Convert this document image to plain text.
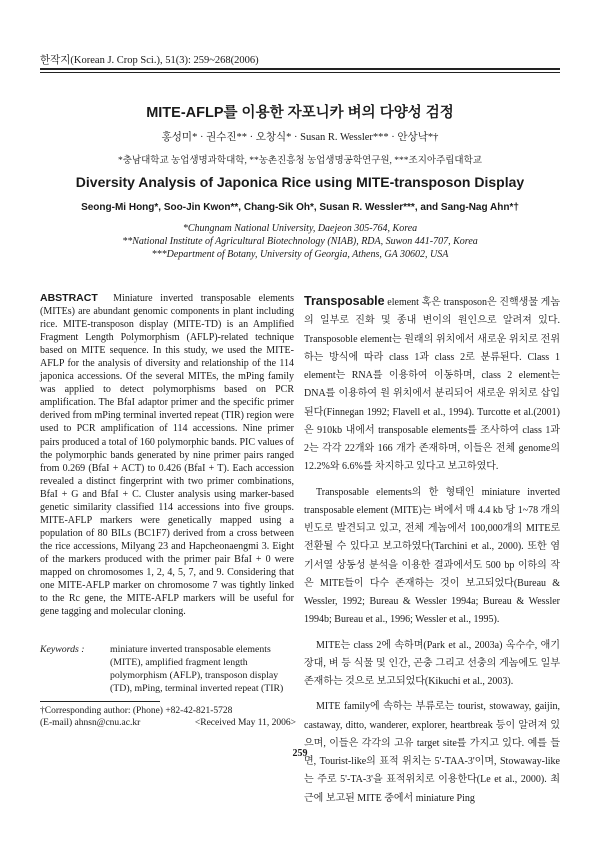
한작지(Korean J. Crop Sci.), 51(3): 259~268(2006)
MITE-AFLP를 이용한 자포니카 벼의 다양성 검정
홍성미* · 권수진** · 오창식* · Susan R. Wessler*** · 안상낙*†
*충남대학교 농업생명과학대학, **농촌진흥청 농업생명공학연구원, ***조지아주립대학교
Diversity Analysis of Japonica Rice using MITE-transposon Display
Seong-Mi Hong*, Soo-Jin Kwon**, Chang-Sik Oh*, Susan R. Wessler***, and Sang-Nag Ahn*†
*Chungnam National University, Daejeon 305-764, Korea
**National Institute of Agricultural Biotechnology (NIAB), RDA, Suwon 441-707, Korea
***Department of Botany, University of Georgia, Athens, GA 30602, USA
ABSTRACT Miniature inverted transposable elements (MITEs) are abundant genomic components in plant including rice. MITE-transposon display (MITE-TD) is an Amplified Fragment Length Polymorphism (AFLP)-related technique based on MITE sequence. In this study, we used the MITE-AFLP for the analysis of diversity and relationship of the 114 japonica accessions. Of the several MITEs, the mPing family was applied to detect polymorphisms based on PCR amplification. The BfaI adaptor primer and the specific primer derived from mPing terminal inverted repeat (TIR) region were used to PCR amplification of 114 accessions. Nine primer pairs produced a total of 160 polymorphic bands. PIC values of the polymorphic bands generated by nine primer pairs ranged from 0.269 (BfaI + ACT) to 0.426 (BfaI + T). Each accession revealed a distinct fingerprint with two primer combinations, BfaI + G and BfaI + C. Cluster analysis using marker-based genetic similarity classified 114 accessions into five groups. MITE-AFLP markers were genetically mapped using a population of 80 BILs (BC1F7) derived from a cross between the rice accessions, Milyang 23 and Hapcheonaengmi 3. Eight of the markers produced with the primer pair BfaI + 0 were mapped on chromosomes 1, 2, 4, 5, 7, and 9. Considering that one MITE-AFLP marker on chromosome 7 was tightly linked to the Rc gene, the MITE-AFLP markers will be useful for gene tagging and molecular cloning.
Keywords :	miniature inverted transposable elements (MITE), amplified fragment length polymorphism (AFLP), transposon display (TD), mPing, terminal inverted repeat (TIR)
†Corresponding author: (Phone) +82-42-821-5728
(E-mail) ahnsn@cnu.ac.kr	<Received May 11, 2006>

Transposable element 혹은 transposon은 진핵생물 게놈의 일부로 진화 및 종내 변이의 원인으로 알려져 있다. Transposoble element는 원래의 위치에서 새로운 위치로 전위하는 방식에 따라 class 1과 class 2로 분류된다. Class 1 element는 RNA를 이용하여 이동하며, class 2 element는 DNA를 이용하여 원 위치에서 분리되어 새로운 위치로 삽입된다(Finnegan 1992; Flavell et al., 1994). Turcotte et al.(2001)은 910kb 내에서 transposable elements를 조사하여 class 1과 2는 각각 22개와 166 개가 존재하며, 이들은 전체 genome의 12.2%와 6.6%를 차지하고 있다고 보고하였다.

Transposable elements의 한 형태인 miniature inverted transposable element (MITE)는 벼에서 매 4.4 kb 당 1~78 개의 빈도로 발견되고 있고, 전체 게놈에서 100,000개의 MITE로 전환될 수 있다고 보고하였다(Tarchini et al., 2000). 또한 염기서열 상동성 분석을 이용한 결과에서도 500 bp 이하의 작은 MITE들이 다수 존재하는 것이 보고되었다(Bureau & Wessler, 1992; Bureau & Wessler 1994a; Bureau & Wessler 1994b; Bureau et al., 1996; Wessler et al., 1995).

MITE는 class 2에 속하며(Park et al., 2003a) 옥수수, 애기장대, 벼 등 식물 및 인간, 곤충 그리고 선충의 게놈에도 일부 존재하는 것으로 보고되었다(Kikuchi et al., 2003).

MITE family에 속하는 부류로는 tourist, stowaway, gaijin, castaway, ditto, wanderer, explorer, heartbreak 등이 알려져 있으며, 이들은 각각의 고유 target site를 가지고 있다. 예를 들면, Tourist-like의 표적 위치는 5'-TAA-3'이며, Stowaway-like는 주로 5'-TA-3'을 표적위치로 이용한다(Le et al., 2000). 최근에 보고된 MITE 중에서 miniature Ping

259
